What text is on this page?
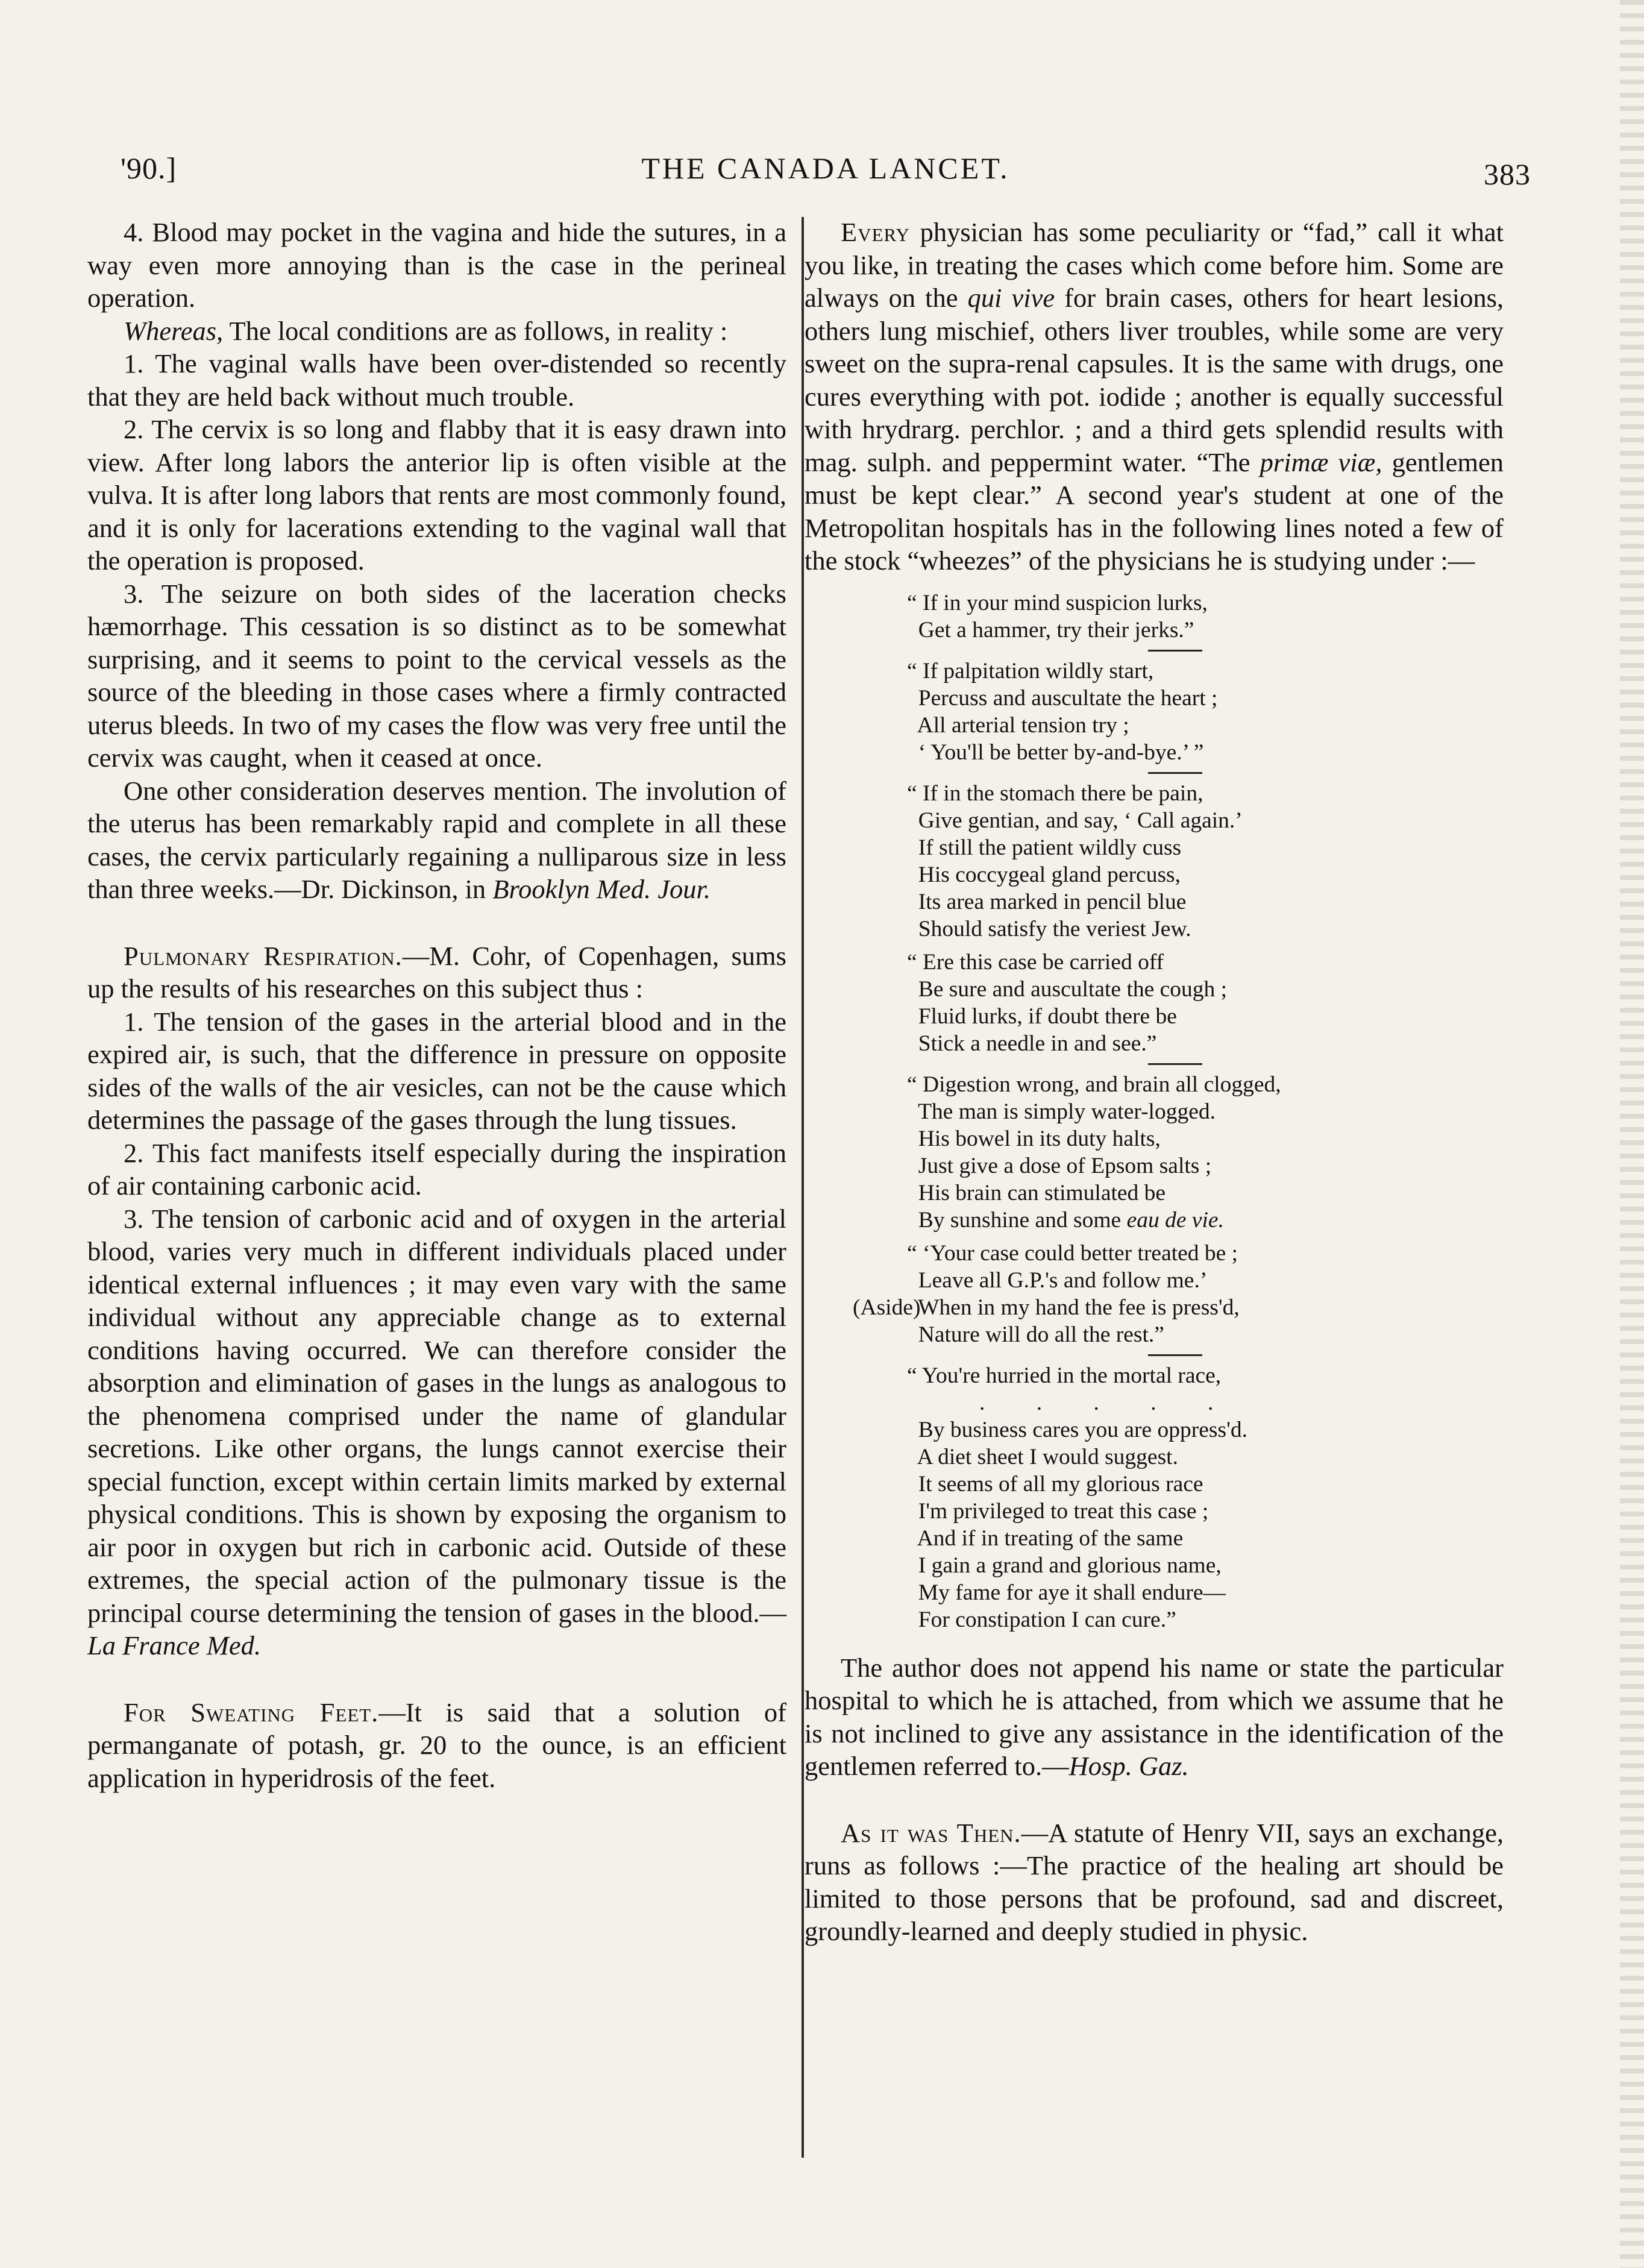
'90.]	THE CANADA LANCET.	383

4. Blood may pocket in the vagina and hide the sutures, in a way even more annoying than is the case in the perineal operation.

Whereas, The local conditions are as follows, in reality :

1. The vaginal walls have been over-distended so recently that they are held back without much trouble.

2. The cervix is so long and flabby that it is easy drawn into view. After long labors the anterior lip is often visible at the vulva. It is after long labors that rents are most commonly found, and it is only for lacerations extending to the vaginal wall that the operation is proposed.

3. The seizure on both sides of the laceration checks hæmorrhage. This cessation is so distinct as to be somewhat surprising, and it seems to point to the cervical vessels as the source of the bleeding in those cases where a firmly contracted uterus bleeds. In two of my cases the flow was very free until the cervix was caught, when it ceased at once.

One other consideration deserves mention. The involution of the uterus has been remarkably rapid and complete in all these cases, the cervix particularly regaining a nulliparous size in less than three weeks.—Dr. Dickinson, in Brooklyn Med. Jour.

Pulmonary Respiration.—M. Cohr, of Copenhagen, sums up the results of his researches on this subject thus :

1. The tension of the gases in the arterial blood and in the expired air, is such, that the difference in pressure on opposite sides of the walls of the air vesicles, can not be the cause which determines the passage of the gases through the lung tissues.

2. This fact manifests itself especially during the inspiration of air containing carbonic acid.

3. The tension of carbonic acid and of oxygen in the arterial blood, varies very much in different individuals placed under identical external influences ; it may even vary with the same individual without any appreciable change as to external conditions having occurred. We can therefore consider the absorption and elimination of gases in the lungs as analogous to the phenomena comprised under the name of glandular secretions. Like other organs, the lungs cannot exercise their special function, except within certain limits marked by external physical conditions. This is shown by exposing the organism to air poor in oxygen but rich in carbonic acid. Outside of these extremes, the special action of the pulmonary tissue is the principal course determining the tension of gases in the blood.—La France Med.

For Sweating Feet.—It is said that a solution of permanganate of potash, gr. 20 to the ounce, is an efficient application in hyperidrosis of the feet.

Every physician has some peculiarity or “fad,” call it what you like, in treating the cases which come before him. Some are always on the qui vive for brain cases, others for heart lesions, others lung mischief, others liver troubles, while some are very sweet on the supra-renal capsules. It is the same with drugs, one cures everything with pot. iodide ; another is equally successful with hrydrarg. perchlor. ; and a third gets splendid results with mag. sulph. and peppermint water. “The primæ viæ, gentlemen must be kept clear.” A second year's student at one of the Metropolitan hospitals has in the following lines noted a few of the stock “wheezes” of the physicians he is studying under :—

“ If in your mind suspicion lurks,
Get a hammer, try their jerks.”
“ If palpitation wildly start,
Percuss and auscultate the heart ;
All arterial tension try ;
‘ You'll be better by-and-bye.’ ”
“ If in the stomach there be pain,
Give gentian, and say, ‘ Call again.’
If still the patient wildly cuss
His coccygeal gland percuss,
Its area marked in pencil blue
Should satisfy the veriest Jew.
“ Ere this case be carried off
Be sure and auscultate the cough ;
Fluid lurks, if doubt there be
Stick a needle in and see.”
“ Digestion wrong, and brain all clogged,
The man is simply water-logged.
His bowel in its duty halts,
Just give a dose of Epsom salts ;
His brain can stimulated be
By sunshine and some eau de vie.
“ ‘Your case could better treated be ;
Leave all G.P.'s and follow me.’
(Aside)
When in my hand the fee is press'd,
Nature will do all the rest.”
“ You're hurried in the mortal race,
. . . . .
By business cares you are oppress'd.
A diet sheet I would suggest.
It seems of all my glorious race
I'm privileged to treat this case ;
And if in treating of the same
I gain a grand and glorious name,
My fame for aye it shall endure—
For constipation I can cure.”

The author does not append his name or state the particular hospital to which he is attached, from which we assume that he is not inclined to give any assistance in the identification of the gentlemen referred to.—Hosp. Gaz.

As it was Then.—A statute of Henry VII, says an exchange, runs as follows :—The practice of the healing art should be limited to those persons that be profound, sad and discreet, groundly-learned and deeply studied in physic.
